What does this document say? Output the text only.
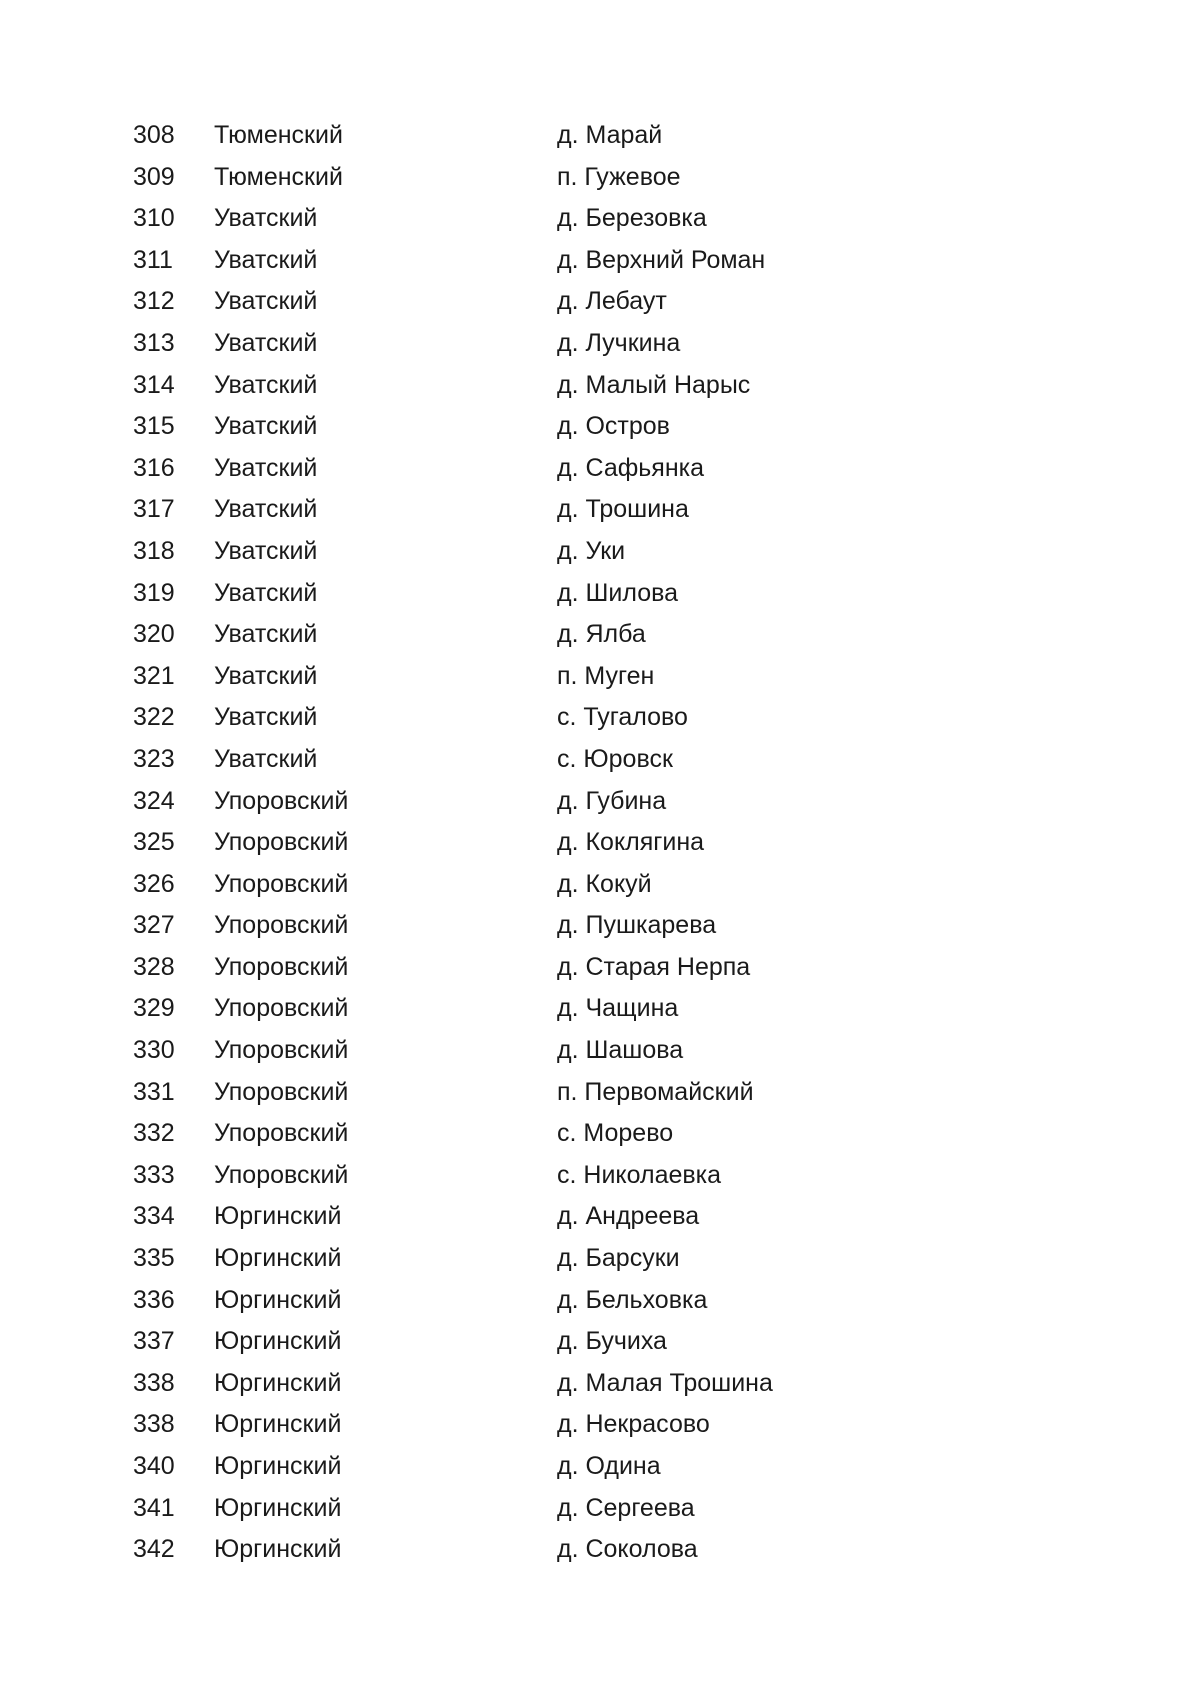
308 Тюменский	д. Марай
309 Тюменский	п. Гужевое
310 Уватский	д. Березовка
311 Уватский	д. Верхний Роман
312 Уватский	д. Лебаут
313 Уватский	д. Лучкина
314 Уватский	д. Малый Нарыс
315 Уватский	д. Остров
316 Уватский	д. Сафьянка
317 Уватский	д. Трошина
318 Уватский	д. Уки
319 Уватский	д. Шилова
320 Уватский	д. Ялба
321 Уватский	п. Муген
322 Уватский	с. Тугалово
323 Уватский	с. Юровск
324 Упоровский	д. Губина
325 Упоровский	д. Коклягина
326 Упоровский	д. Кокуй
327 Упоровский	д. Пушкарева
328 Упоровский	д. Старая Нерпа
329 Упоровский	д. Чащина
330 Упоровский	д. Шашова
331 Упоровский	п. Первомайский
332 Упоровский	с. Морево
333 Упоровский	с. Николаевка
334 Юргинский	д. Андреева
335 Юргинский	д. Барсуки
336 Юргинский	д. Бельховка
337 Юргинский	д. Бучиха
338 Юргинский	д. Малая Трошина
338 Юргинский	д. Некрасово
340 Юргинский	д. Одина
341 Юргинский	д. Сергеева
342 Юргинский	д. Соколова
